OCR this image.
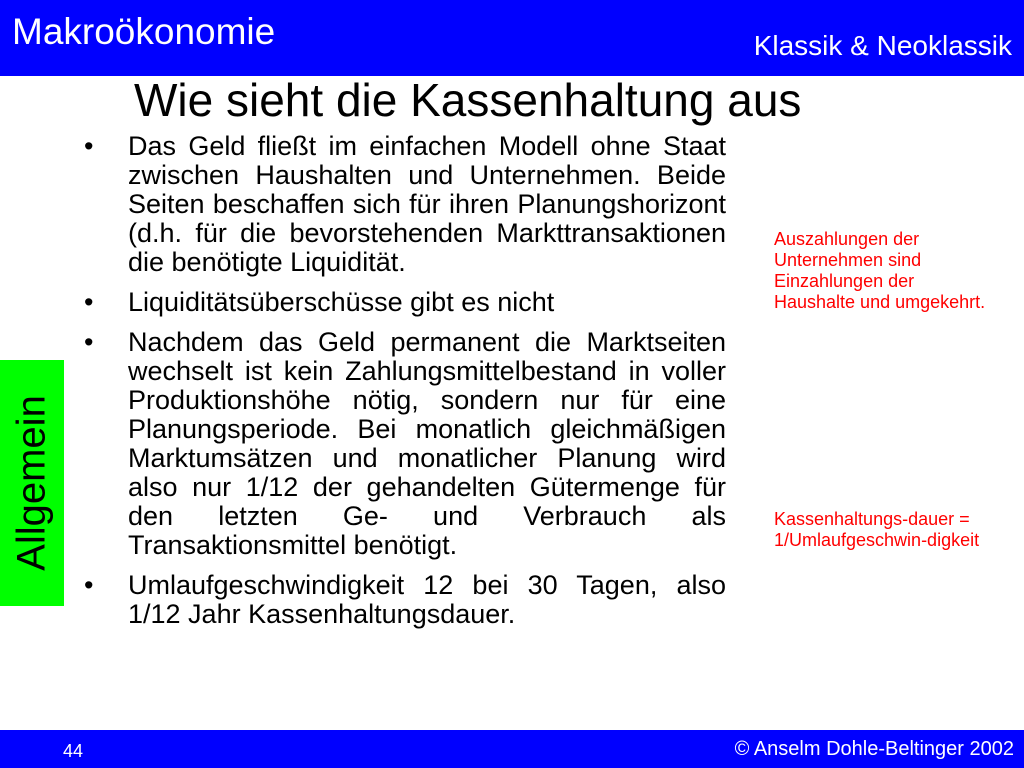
Makroökonomie	Klassik & Neoklassik
Wie sieht die Kassenhaltung aus
Allgemein
• Das Geld fließt im einfachen Modell ohne Staat zwischen Haushalten und Unternehmen. Beide Seiten beschaffen sich für ihren Planungshorizont (d.h. für die bevorstehenden Markttransaktionen die benötigte Liquidität.
• Liquiditätsüberschüsse gibt es nicht
• Nachdem das Geld permanent die Marktseiten wechselt ist kein Zahlungsmittelbestand in voller Produktionshöhe nötig, sondern nur für eine Planungsperiode. Bei monatlich gleichmäßigen Marktumsätzen und monatlicher Planung wird also nur 1/12 der gehandelten Gütermenge für den letzten Ge- und Verbrauch als Transaktionsmittel benötigt.
• Umlaufgeschwindigkeit 12 bei 30 Tagen, also 1/12 Jahr Kassenhaltungsdauer.
Auszahlungen der Unternehmen sind Einzahlungen der Haushalte und umgekehrt.
Kassenhaltungs-dauer = 1/Umlaufgeschwin-digkeit
44	© Anselm Dohle-Beltinger 2002
